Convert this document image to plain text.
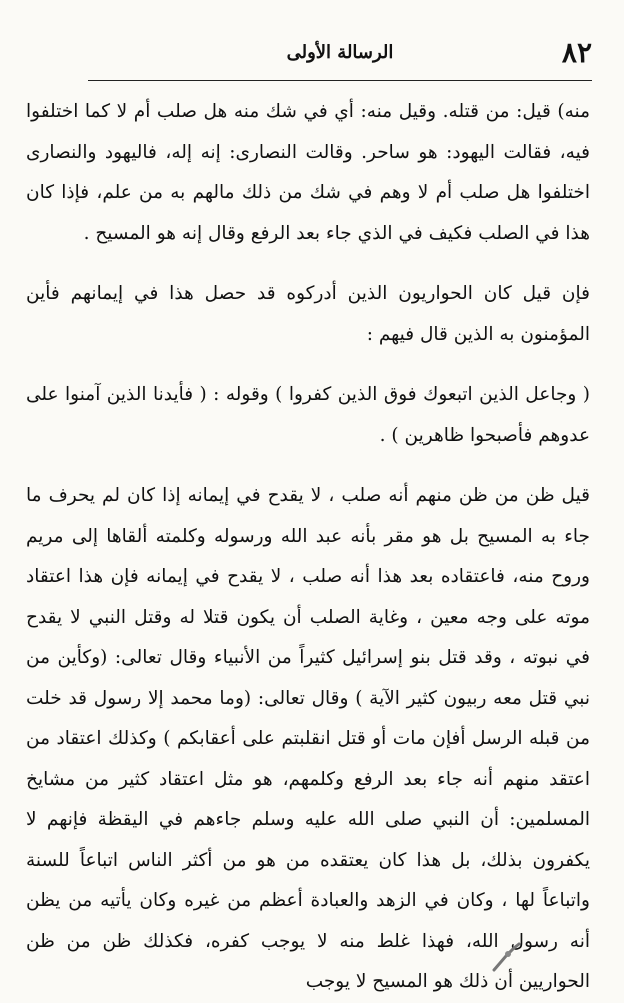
الرسالة الأولى	٨٢

منه) قيل: من قتله. وقيل منه: أي في شك منه هل صلب أم لا كما اختلفوا فيه، فقالت اليهود: هو ساحر. وقالت النصارى: إنه إله، فاليهود والنصارى اختلفوا هل صلب أم لا وهم في شك من ذلك مالهم به من علم، فإذا كان هذا في الصلب فكيف في الذي جاء بعد الرفع وقال إنه هو المسيح .

فإن قيل كان الحواريون الذين أدركوه قد حصل هذا في إيمانهم فأين المؤمنون به الذين قال فيهم :

( وجاعل الذين اتبعوك فوق الذين كفروا ) وقوله : ( فأيدنا الذين آمنوا على عدوهم فأصبحوا ظاهرين ) .

قيل ظن من ظن منهم أنه صلب ، لا يقدح في إيمانه إذا كان لم يحرف ما جاء به المسيح بل هو مقر بأنه عبد الله ورسوله وكلمته ألقاها إلى مريم وروح منه، فاعتقاده بعد هذا أنه صلب ، لا يقدح في إيمانه فإن هذا اعتقاد موته على وجه معين ، وغاية الصلب أن يكون قتلا له وقتل النبي لا يقدح في نبوته ، وقد قتل بنو إسرائيل كثيراً من الأنبياء وقال تعالى: (وكأين من نبي قتل معه ربيون كثير الآية ) وقال تعالى: (وما محمد إلا رسول قد خلت من قبله الرسل أفإن مات أو قتل انقلبتم على أعقابكم ) وكذلك اعتقاد من اعتقد منهم أنه جاء بعد الرفع وكلمهم، هو مثل اعتقاد كثير من مشايخ المسلمين: أن النبي صلى الله عليه وسلم جاءهم في اليقظة فإنهم لا يكفرون بذلك، بل هذا كان يعتقده من هو من أكثر الناس اتباعاً للسنة واتباعاً لها ، وكان في الزهد والعبادة أعظم من غيره وكان يأتيه من يظن أنه رسول الله، فهذا غلط منه لا يوجب كفره، فكذلك ظن من ظن الحواريين أن ذلك هو المسيح لا يوجب
